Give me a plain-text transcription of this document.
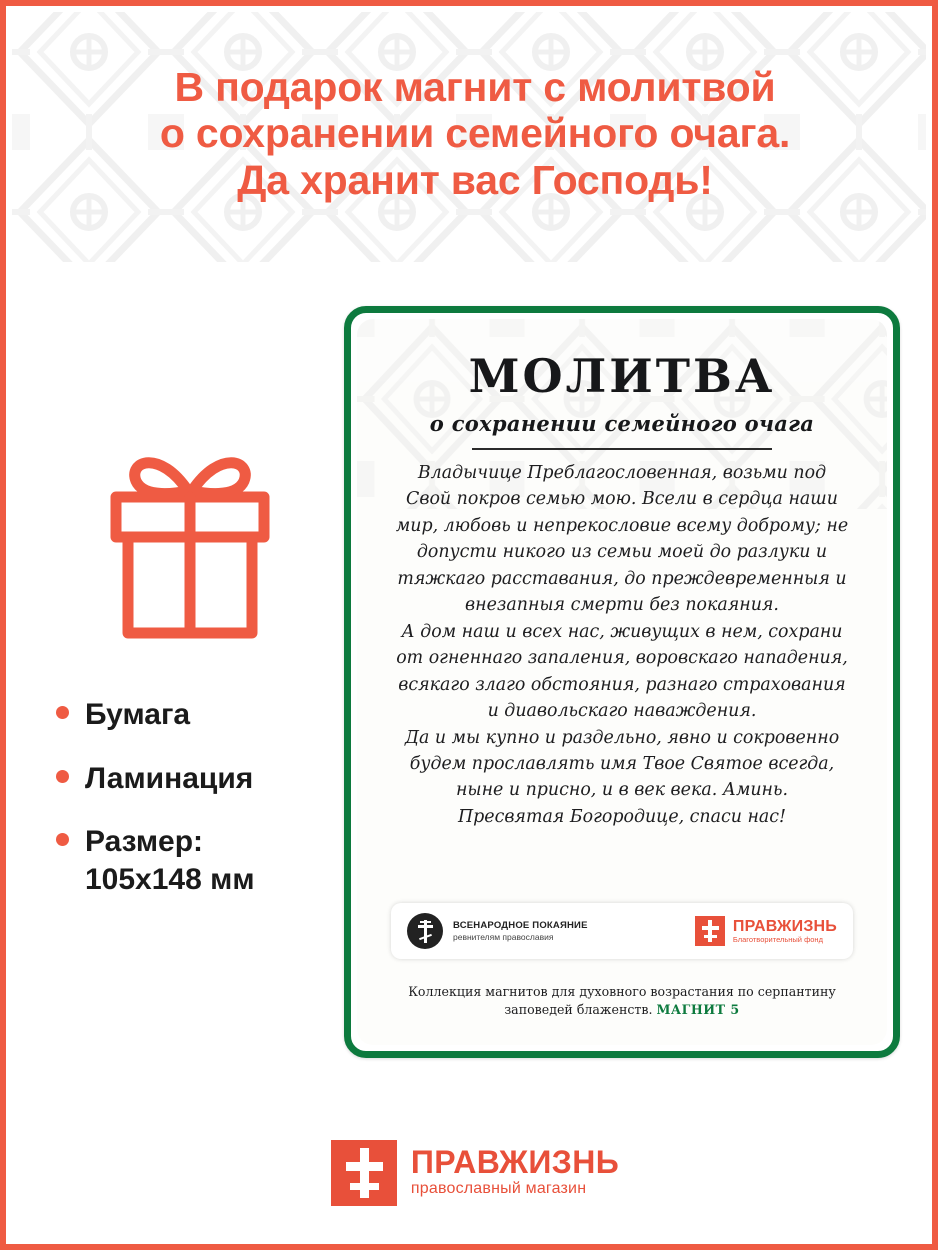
В подарок магнит с молитвой
о сохранении семейного очага.
Да хранит вас Господь!
Бумага
Ламинация
Размер:
105х148 мм
МОЛИТВА
о сохранении семейного очага

Владычице Преблагословенная, возьми под Свой покров семью мою. Всели в сердца наши мир, любовь и непрекословие всему доброму; не допусти никого из семьи моей до разлуки и тяжкаго расставания, до преждевременныя и внезапныя смерти без покаяния.

А дом наш и всех нас, живущих в нем, сохрани от огненнаго запаления, воровскаго нападения, всякаго злаго обстояния, разнаго страхования и диавольскаго наваждения.

Да и мы купно и раздельно, явно и сокровенно будем прославлять имя Твое Святое всегда, ныне и присно, и в век века. Аминь.

Пресвятая Богородице, спаси нас!

ВСЕНАРОДНОЕ ПОКАЯНИЕ
ревнителям православия
ПРАВЖИЗНЬ
Благотворительный фонд
Коллекция магнитов для духовного возрастания по серпантину
заповедей блаженств. МАГНИТ 5
ПРАВЖИЗНЬ
православный магазин
